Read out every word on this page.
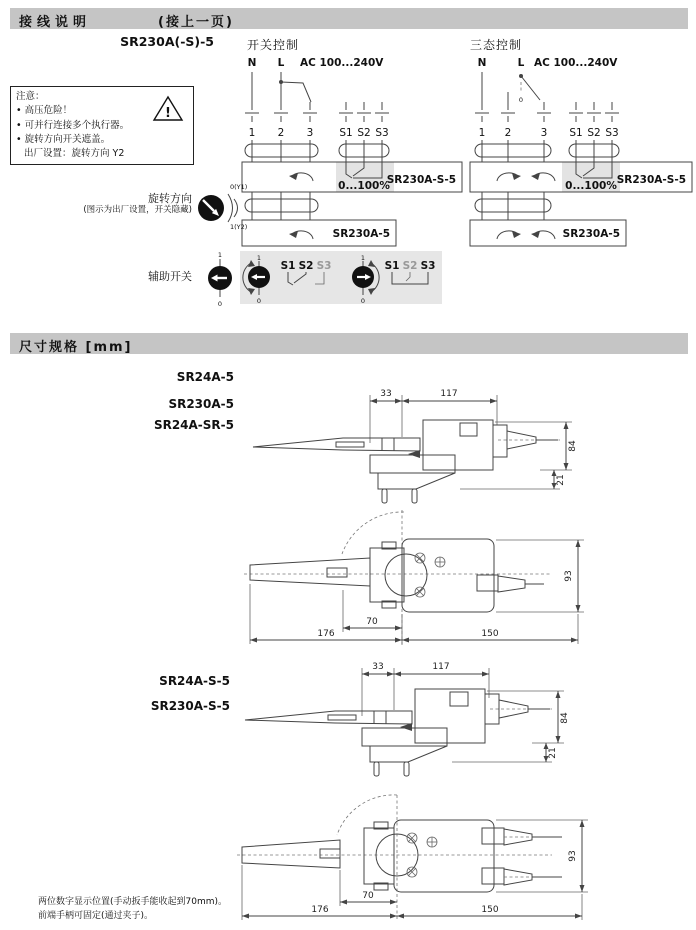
接线说明	(接上一页)
SR230A(-S)-5	开关控制	三态控制
注意：
• 高压危险！
• 可并行连接多个执行器。
• 旋转方向开关遮盖。
出厂设置：旋转方向 Y2
!
N L AC 100...240V
1 2 3 S1 S2 S3
0...100%
SR230A-S-5
SR230A-5
N	L AC 100...240V
0
1 2	3 S1 S2 S3
0...100% SR230A-S-5
SR230A-5
旋转方向
(图示为出厂设置，开关隐藏)
0(Y1)
1(Y2)
辅助开关
1
0
1
0
S1 S2 S3
1
0
S1 S2 S3
尺寸规格 [mm]
SR24A-5
SR230A-5
SR24A-SR-5
33	117
84
21
93
70
176	150
SR24A-S-5
SR230A-S-5
33	117
84
21
93
70
176	150
两位数字显示位置(手动扳手能收起到70mm)。
前端手柄可固定(通过夹子)。
